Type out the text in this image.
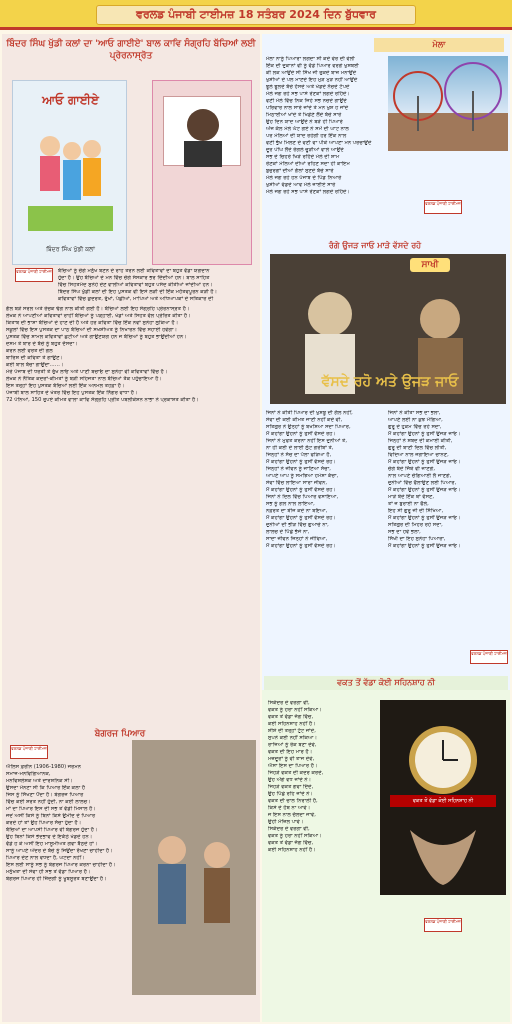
ਵਰਲਡ ਪੰਜਾਬੀ ਟਾਈਮਜ਼ 18 ਸਤੰਬਰ 2024 ਦਿਨ ਬੁੱਧਵਾਰ
ਬਿੰਦਰ ਸਿੰਘ ਖੁੱਡੀ ਕਲਾਂ ਦਾ 'ਆਓ ਗਾਈਏ' ਬਾਲ ਕਾਵਿ ਸੰਗ੍ਰਹਿ ਬੱਚਿਆਂ ਲਈ ਪ੍ਰੇਰਨਾਸ੍ਰੋਤ
ਆਓ ਗਾਈਏ
ਬਿੰਦਰ ਸਿੰਘ ਖੁੱਡੀ ਕਲਾਂ
ਵਰਲਡ ਪੰਜਾਬੀ ਟਾਈਮਜ਼ ਬੱਚਿਆਂ ਨੂੰ ਚੰਗੇ ਮਨੁੱਖ ਬਣਨ ਦੇ ਰਾਹ ਤੋਰਨ ਲਈ ਕਵਿਤਾਵਾਂ ਦਾ ਬਹੁਤ ਵੱਡਾ ਯੋਗਦਾਨ
ਹੁੰਦਾ ਹੈ। ਉਹ ਬੱਚਿਆਂ ਦੇ ਮਨ ਵਿੱਚ ਚੰਗੇ ਸੰਸਕਾਰ ਭਰ ਦਿੰਦੀਆਂ ਹਨ। ਬਾਲ ਸਾਹਿਤ
ਵਿੱਚ ਸਿਹਤਮੰਦ ਸੁਨੇਹੇ ਦੇਣ ਵਾਲੀਆਂ ਕਵਿਤਾਵਾਂ ਬਹੁਤ ਪਸੰਦ ਕੀਤੀਆਂ ਜਾਂਦੀਆਂ ਹਨ।
ਬਿੰਦਰ ਸਿੰਘ ਖੁੱਡੀ ਕਲਾਂ ਦੀ ਇਹ ਪੁਸਤਕ ਵੀ ਇਸੇ ਲੜੀ ਦੀ ਇੱਕ ਮਹੱਤਵਪੂਰਨ ਕੜੀ ਹੈ।
ਕਵਿਤਾਵਾਂ ਵਿੱਚ ਕੁਦਰਤ, ਰੁੱਖਾਂ, ਪੰਛੀਆਂ, ਮਾਪਿਆਂ ਅਤੇ ਅਧਿਆਪਕਾਂ ਦੇ ਸਤਿਕਾਰ ਦੀ
ਗੱਲ ਬੜੇ ਸਰਲ ਅਤੇ ਰੌਚਕ ਢੰਗ ਨਾਲ ਕੀਤੀ ਗਈ ਹੈ। ਬੱਚਿਆਂ ਲਈ ਇਹ ਸੰਗ੍ਰਹਿ ਪ੍ਰੇਰਨਾਸ੍ਰੋਤ ਹੈ।
ਲੇਖਕ ਨੇ ਆਪਣੀਆਂ ਕਵਿਤਾਵਾਂ ਰਾਹੀਂ ਬੱਚਿਆਂ ਨੂੰ ਪੜ੍ਹਾਈ, ਖੇਡਾਂ ਅਤੇ ਸਿਹਤ ਵੱਲ ਪ੍ਰੇਰਿਤ ਕੀਤਾ ਹੈ।
ਕਿਤਾਬ ਦੀ ਭਾਸ਼ਾ ਬੱਚਿਆਂ ਦੇ ਹਾਣ ਦੀ ਹੈ ਅਤੇ ਹਰ ਕਵਿਤਾ ਵਿੱਚ ਇੱਕ ਨਵਾਂ ਸੁਨੇਹਾ ਲੁਕਿਆ ਹੈ।
ਸਕੂਲਾਂ ਵਿੱਚ ਇਸ ਪੁਸਤਕ ਦਾ ਪਾਠ ਬੱਚਿਆਂ ਦੀ ਸਖਸ਼ੀਅਤ ਨੂੰ ਨਿਖਾਰਨ ਵਿੱਚ ਸਹਾਈ ਹੋਵੇਗਾ।
ਪੁਸਤਕ ਵਿੱਚ ਸ਼ਾਮਲ ਕਵਿਤਾਵਾਂ ਛੋਟੀਆਂ ਅਤੇ ਗਾਉਣਯੋਗ ਹਨ ਜੋ ਬੱਚਿਆਂ ਨੂੰ ਬਹੁਤ ਭਾਉਂਦੀਆਂ ਹਨ।
ਦਸਮ ਤੇ ਬਾਰ ਦੇ ਬੱਚੇ ਨੂੰ ਬਹੁਤ ਦੱਸਦਾ।
ਕਰਨ ਲਈ ਵਰਤ ਦੀ ਗਲ
ਬਾਰਿਸ਼ ਦੀ ਕਵਿਤਾ ਤੇ ਗਾਉਣ।
ਕੋਈ ਬਾਲ ਬੱਚਾ ਗਾਉਂਦਾ……।
ਮੇਰੇ ਪੰਜਾਬ ਦੀ ਧਰਤੀ ਤੇ ਰੁੱਖ ਲਾਓ ਅਤੇ ਪਾਣੀ ਬਚਾਓ ਦਾ ਸੁਨੇਹਾ ਵੀ ਕਵਿਤਾਵਾਂ ਵਿੱਚ ਹੈ।
ਲੇਖਕ ਨੇ ਨੈਤਿਕ ਕਦਰਾਂ-ਕੀਮਤਾਂ ਨੂੰ ਬੜੀ ਸਹਿਜਤਾ ਨਾਲ ਬੱਚਿਆਂ ਤੱਕ ਪਹੁੰਚਾਇਆ ਹੈ।
ਇਸ ਤਰ੍ਹਾਂ ਇਹ ਪੁਸਤਕ ਬੱਚਿਆਂ ਲਈ ਇੱਕ ਅਨਮੋਲ ਤੋਹਫ਼ਾ ਹੈ।
ਪੰਜਾਬੀ ਬਾਲ ਸਾਹਿਤ ਦੇ ਖੇਤਰ ਵਿੱਚ ਇਹ ਪੁਸਤਕ ਇੱਕ ਨਿੱਗਰ ਵਾਧਾ ਹੈ।
72 ਪੰਨਿਆਂ, 150 ਰੁਪਏ ਕੀਮਤ ਵਾਲਾ ਕਾਵਿ ਸੰਗ੍ਰਹਿ ਪ੍ਰੀਤ ਪਬਲੀਕੇਸ਼ਨ ਨਾਭਾ ਨੇ ਪ੍ਰਕਾਸ਼ਤ ਕੀਤਾ ਹੈ।
ਬੇਗਰਜ ਪਿਆਰ
ਵਰਲਡ ਪੰਜਾਬੀ ਟਾਈਮਜ਼
ਐਲਿਸ ਫ਼ਰੀਨ (1906-1980) ਜਰਮਨ
ਸਮਾਜ-ਮਨੋਵਿਗਿਆਨਕ,
ਮਨੋਵਿਸ਼ਲੇਸ਼ਕ ਅਤੇ ਦਾਰਸ਼ਨਿਕ ਸੀ।
ਉਸਦਾ ਮੰਨਣਾ ਸੀ ਕਿ ਪਿਆਰ ਇੱਕ ਕਲਾ ਹੈ
ਜਿਸ ਨੂੰ ਸਿੱਖਣਾ ਪੈਂਦਾ ਹੈ। ਬੇਗਰਜ ਪਿਆਰ
ਵਿੱਚ ਕੋਈ ਸ਼ਰਤ ਨਹੀਂ ਹੁੰਦੀ, ਨਾ ਕੋਈ ਲਾਲਚ।
ਮਾਂ ਦਾ ਪਿਆਰ ਇਸ ਦੀ ਸਭ ਤੋਂ ਵੱਡੀ ਮਿਸਾਲ ਹੈ।
ਜਦੋਂ ਅਸੀਂ ਕਿਸੇ ਨੂੰ ਬਿਨਾਂ ਕਿਸੇ ਉਮੀਦ ਦੇ ਪਿਆਰ
ਕਰਦੇ ਹਾਂ ਤਾਂ ਉਹ ਪਿਆਰ ਸੱਚਾ ਹੁੰਦਾ ਹੈ।
ਬੱਚਿਆਂ ਦਾ ਆਪਸੀ ਪਿਆਰ ਵੀ ਬੇਗਰਜ ਹੁੰਦਾ ਹੈ।
ਉਹ ਬਿਨਾਂ ਕਿਸੇ ਭੇਦਭਾਵ ਦੇ ਇਕੱਠੇ ਖੇਡਦੇ ਹਨ।
ਵੱਡੇ ਹੋ ਕੇ ਅਸੀਂ ਇਹ ਮਾਸੂਮੀਅਤ ਗਵਾ ਬੈਠਦੇ ਹਾਂ।
ਸਾਨੂੰ ਆਪਣੇ ਅੰਦਰ ਦੇ ਬੱਚੇ ਨੂੰ ਜਿਉਂਦਾ ਰੱਖਣਾ ਚਾਹੀਦਾ ਹੈ।
ਪਿਆਰ ਦੇਣ ਨਾਲ ਵਧਦਾ ਹੈ, ਘਟਦਾ ਨਹੀਂ।
ਇਸ ਲਈ ਸਾਨੂੰ ਸਭ ਨੂੰ ਬੇਗਰਜ ਪਿਆਰ ਕਰਨਾ ਚਾਹੀਦਾ ਹੈ।
ਮਨੁੱਖਤਾ ਦੀ ਸੇਵਾ ਹੀ ਸਭ ਤੋਂ ਵੱਡਾ ਪਿਆਰ ਹੈ।
ਬੇਗਰਜ ਪਿਆਰ ਹੀ ਜ਼ਿੰਦਗੀ ਨੂੰ ਖੂਬਸੂਰਤ ਬਣਾਉਂਦਾ ਹੈ।
ਮੇਲਾ
ਮੇਲਾ ਨਾਨੂੰ ਪਿਆਰਾ ਲਗਦਾ ਸੀ ਕਦੇ ਵੇਰ ਦੀ ਵੇਲੀ
ਇੱਕ ਦੀ ਦੁਕਾਨਾਂ ਵੀ ਨੂੰ ਵੱਡੇ ਪਿਆਰ ਵਰਗੇ ਖੁਸ਼ਬੋਈ
ਕੀ ਲੋਕ ਆਉਂਦੇ ਸੀ ਸਿੱਖ ਜੀ ਰੁਕਦੇ ਬਾਜ਼ ਮਨਾਉਂਦੇ
ਖੁਸ਼ੀਆਂ ਦੇ ਪਲ ਮਾਣਦੇ ਇਹ ਮੁੜ ਮੁੜ ਨਹੀਂ ਆਉਂਦੇ
ਝੂਲੇ ਝੂਲਦੇ ਬੱਚੇ ਹੱਸਦੇ ਅਤੇ ਖੇਡਦੇ ਨੱਚਦੇ ਟੱਪਦੇ
ਮੇਲੇ ਜਗ ਰਹੇ ਸਭ ਪਾਸੇ ਰੌਣਕਾਂ ਲਗਦੇ ਰਹਿੰਦੇ।
ਵਣੀ ਮੇਲੇ ਵਿੱਚ ਨਿਕ ਜਿਹੇ ਸਭ ਨਚਦੇ ਗਾਉਂਦੇ
ਪਰਿਵਾਰ ਨਾਲ ਸਾਰੇ ਜਾਂਦੇ ਤੇ ਮਨ ਖੁਸ਼ ਹੋ ਜਾਂਦੇ
ਮਿਠਾਈਆਂ ਖਾਂਦੇ ਤੇ ਖਿਡੌਣੇ ਲੈਂਦੇ ਬੱਚੇ ਸਾਰੇ
ਉਹ ਦਿਨ ਯਾਦ ਆਉਂਦੇ ਨੇ ਬੜੇ ਹੀ ਪਿਆਰੇ
ਅੱਜ ਕੱਲ ਮੇਲੇ ਘੱਟ ਗਏ ਨੇ ਸਮੇਂ ਦੀ ਘਾਟ ਨਾਲ
ਪਰ ਮੇਲਿਆਂ ਦੀ ਯਾਦ ਰਹੇਗੀ ਹਰ ਇੱਕ ਨਾਲ
ਵਣੀ ਭੁੱਖ ਮਿਲਣ ਦੇ ਵਣੀ ਵਾ ਪੀਕੇ ਆਪਣਾ ਮਨ ਪਰਚਾਉਂਦੇ
ਦੂਰੋ ਪੀਂਘ ਲੈਂਦੇ ਰੰਗਲੇ ਚੂੜੀਆਂ ਵਾਲੇ ਆਉਂਦੇ
ਸਭ ਦੇ ਚਿਹਰੇ ਖਿੜੇ ਰਹਿੰਦੇ ਮੇਲੇ ਦੀ ਸ਼ਾਮ
ਰੌਣਕਾਂ ਮੇਲਿਆਂ ਦੀਆਂ ਰਹਿਣ ਸਦਾ ਹੀ ਕਾਇਮ
ਬੁਜ਼ੁਰਗਾਂ ਦੀਆਂ ਗੱਲਾਂ ਸੁਣਦੇ ਬੱਚੇ ਸਾਰੇ
ਮੇਲੇ ਜਗ ਰਹੇ ਹਨ ਪੰਜਾਬ ਦੇ ਪਿੰਡ ਨਿਆਰੇ
ਖੁਸ਼ੀਆਂ ਵੰਡਦੇ ਆਵੋ ਮੇਲੇ ਜਾਈਏ ਸਾਰੇ
ਮੇਲੇ ਜਗ ਰਹੇ ਸਭ ਪਾਸੇ ਰੌਣਕਾਂ ਲਗਦੇ ਰਹਿੰਦੇ।
ਵਰਲਡ ਪੰਜਾਬੀ ਟਾਈਮਜ਼
ਰੰਗੇ ਉਜੜ ਜਾਓ ਮਾੜੇ ਵੱਸਦੇ ਰਹੋ
ਸਾਖੀ
ਵੱਸਦੇ ਰਹੋ ਅਤੇ ਉਜੜ ਜਾਓ
ਜਿਨਾਂ ਨੇ ਕੀਤੀ ਪਿਆਰ ਦੀ ਖੁਸ਼ਬੂ ਦੀ ਗੱਲ ਨਹੀਂ,
ਸੇਵਾ ਦੀ ਕੋਈ ਕੀਮਤ ਜਾਣੀ ਨਹੀਂ ਕਦੇ ਵੀ,
ਸਤਿਗੁਰ ਨੇ ਉਨ੍ਹਾਂ ਨੂੰ ਬਖਸ਼ਿਆ ਸਦਾ ਪਿਆਰ,
ਮੈਂ ਕਹਾਂਗਾ ਉਹਨਾਂ ਨੂੰ ਤੁਸੀਂ ਵੱਸਦੇ ਰਹੋ।
ਜਿਨਾਂ ਨੇ ਮੁਫਤ ਕਰਨਾ ਨਹੀਂ ਇਸ ਦੁਨੀਆਂ ਤੇ,
ਨਾ ਹੀ ਕੋਈ ਦੇ ਲਾਈ ਲੁੱਟ ਗਰੀਬਾਂ ਤੇ,
ਜਿਨ੍ਹਾਂ ਨੇ ਸੱਚ ਦਾ ਪੱਲਾ ਫੜਿਆ ਹੈ,
ਮੈਂ ਕਹਾਂਗਾ ਉਹਨਾਂ ਨੂੰ ਤੁਸੀਂ ਵੱਸਦੇ ਰਹੋ।
ਜਿਨ੍ਹਾਂ ਨੇ ਜੀਵਨ ਨੂੰ ਜਾਣਿਆ ਸੱਚਾ,
ਆਪਣੇ ਆਪ ਨੂੰ ਸਮਝਿਆ ਹਮੇਸ਼ਾ ਕੱਚਾ,
ਸੇਵਾ ਵਿੱਚ ਲਾਇਆ ਸਾਰਾ ਜੀਵਨ,
ਮੈਂ ਕਹਾਂਗਾ ਉਹਨਾਂ ਨੂੰ ਤੁਸੀਂ ਵੱਸਦੇ ਰਹੋ।
ਜਿਨਾਂ ਨੇ ਦਿਲ ਵਿੱਚ ਪਿਆਰ ਵਸਾਇਆ,
ਸਭ ਨੂੰ ਗਲ ਨਾਲ ਲਾਇਆ,
ਨਫ਼ਰਤ ਦਾ ਬੀਜ ਕਦੇ ਨਾ ਬੋਇਆ,
ਮੈਂ ਕਹਾਂਗਾ ਉਹਨਾਂ ਨੂੰ ਤੁਸੀਂ ਵੱਸਦੇ ਰਹੋ।
ਦੁਨੀਆਂ ਦੀ ਭੀੜ ਵਿੱਚ ਗੁਆਚੇ ਨਾ,
ਲਾਲਚ ਦੇ ਪਿੱਛੇ ਭੱਜੇ ਨਾ,
ਸਾਦਾ ਜੀਵਨ ਜਿਨ੍ਹਾਂ ਨੇ ਜੀਵਿਆ,
ਮੈਂ ਕਹਾਂਗਾ ਉਹਨਾਂ ਨੂੰ ਤੁਸੀਂ ਵੱਸਦੇ ਰਹੋ।
ਜਿਨਾਂ ਨੇ ਕੀਤਾ ਸਭ ਦਾ ਭਲਾ,
ਆਪਣੇ ਲਈ ਨਾ ਕੁਝ ਮੰਗਿਆ,
ਗੁਰੂ ਦੇ ਹੁਕਮ ਵਿੱਚ ਰਹੇ ਸਦਾ,
ਮੈਂ ਕਹਾਂਗਾ ਉਹਨਾਂ ਨੂੰ ਤੁਸੀਂ ਉਜੜ ਜਾਓ।
ਜਿਨ੍ਹਾਂ ਨੇ ਸ਼ਬਦ ਦੀ ਕਮਾਈ ਕੀਤੀ,
ਗੁਰੂ ਦੀ ਬਾਣੀ ਦਿਲ ਵਿੱਚ ਲੀਤੀ,
ਵਿਦਿਆ ਨਾਲ ਜਗਾਇਆ ਚਾਨਣ,
ਮੈਂ ਕਹਾਂਗਾ ਉਹਨਾਂ ਨੂੰ ਤੁਸੀਂ ਉਜੜ ਜਾਓ।
ਚੰਗੇ ਬੰਦੇ ਜਿੱਥੇ ਵੀ ਜਾਣਗੇ,
ਨਾਲ ਆਪਣੇ ਚੰਗਿਆਈ ਲੈ ਜਾਣਗੇ,
ਦੁਨੀਆਂ ਵਿੱਚ ਫੈਲਾਉਣ ਲਈ ਪਿਆਰ,
ਮੈਂ ਕਹਾਂਗਾ ਉਹਨਾਂ ਨੂੰ ਤੁਸੀਂ ਉਜੜ ਜਾਓ।
ਮਾੜੇ ਬੰਦੇ ਇੱਕ ਥਾਂ ਵੱਸਣ,
ਤਾਂ ਜੋ ਬੁਰਾਈ ਨਾ ਫੈਲੇ,
ਇਹ ਸੀ ਗੁਰੂ ਜੀ ਦੀ ਸਿੱਖਿਆ,
ਮੈਂ ਕਹਾਂਗਾ ਉਹਨਾਂ ਨੂੰ ਤੁਸੀਂ ਉਜੜ ਜਾਓ।
ਸਤਿਗੁਰ ਦੀ ਮਿਹਰ ਰਹੇ ਸਦਾ,
ਸਭ ਦਾ ਹੋਵੇ ਭਲਾ,
ਸਿੱਖੀ ਦਾ ਇਹ ਸੁਨੇਹਾ ਪਿਆਰਾ,
ਮੈਂ ਕਹਾਂਗਾ ਉਹਨਾਂ ਨੂੰ ਤੁਸੀਂ ਉਜੜ ਜਾਓ।
ਵਰਲਡ ਪੰਜਾਬੀ ਟਾਈਮਜ਼
ਵਕਤ ਤੋਂ ਵੱਡਾ ਕੋਈ ਸਹਿਨਸ਼ਾਹ ਨੀ
ਸਿਕੰਦਰ ਦੇ ਵਰਗਾ ਵੀ,
ਵਕਤ ਨੂੰ ਹਰਾ ਨਹੀਂ ਸਕਿਆ।
ਵਕਤ ਤੋਂ ਵੱਡਾ ਜੱਗ ਵਿੱਚ,
ਕੋਈ ਸਹਿਨਸ਼ਾਹ ਨਹੀਂ ਹੈ।
ਸ਼ੀਸ਼ੇ ਦੀ ਤਰ੍ਹਾਂ ਟੁੱਟ ਜਾਂਦੇ,
ਸੁਪਨੇ ਕੋਈ ਨਹੀਂ ਸਕਿਆ।
ਰਾਜਿਆਂ ਨੂੰ ਰੰਕ ਬਣਾ ਦੇਵੇ,
ਵਕਤ ਦੀ ਇਹ ਮਾਰ ਹੈ।
ਮਜ਼ਦੂਰਾਂ ਨੂੰ ਵੀ ਤਾਜ ਦੇਵੇ,
ਐਸਾ ਇਸ ਦਾ ਪਿਆਰ ਹੈ।
ਜਿਹੜੇ ਵਕਤ ਦੀ ਕਦਰ ਕਰਦੇ,
ਉਹ ਅੱਗੇ ਵਧ ਜਾਂਦੇ ਨੇ।
ਜਿਹੜੇ ਵਕਤ ਗਵਾ ਦਿੰਦੇ,
ਉਹ ਪਿੱਛੇ ਰਹਿ ਜਾਂਦੇ ਨੇ।
ਵਕਤ ਦੀ ਚਾਲ ਨਿਰਾਲੀ ਹੈ,
ਕਿਸੇ ਦੇ ਹੱਥ ਨਾ ਆਵੇ।
ਜੋ ਇਸ ਨਾਲ ਚੱਲਦਾ ਜਾਵੇ,
ਉਹੀ ਮੰਜ਼ਿਲ ਪਾਵੇ।
ਸਿਕੰਦਰ ਦੇ ਵਰਗਾ ਵੀ,
ਵਕਤ ਨੂੰ ਹਰਾ ਨਹੀਂ ਸਕਿਆ।
ਵਕਤ ਤੋਂ ਵੱਡਾ ਜੱਗ ਵਿੱਚ,
ਕੋਈ ਸਹਿਨਸ਼ਾਹ ਨਹੀਂ ਹੈ।
ਵਕਤ ਤੋਂ ਵੱਡਾ ਕੋਈ ਸਹਿਨਸ਼ਾਹ ਨੀ
ਵਰਲਡ ਪੰਜਾਬੀ ਟਾਈਮਜ਼
